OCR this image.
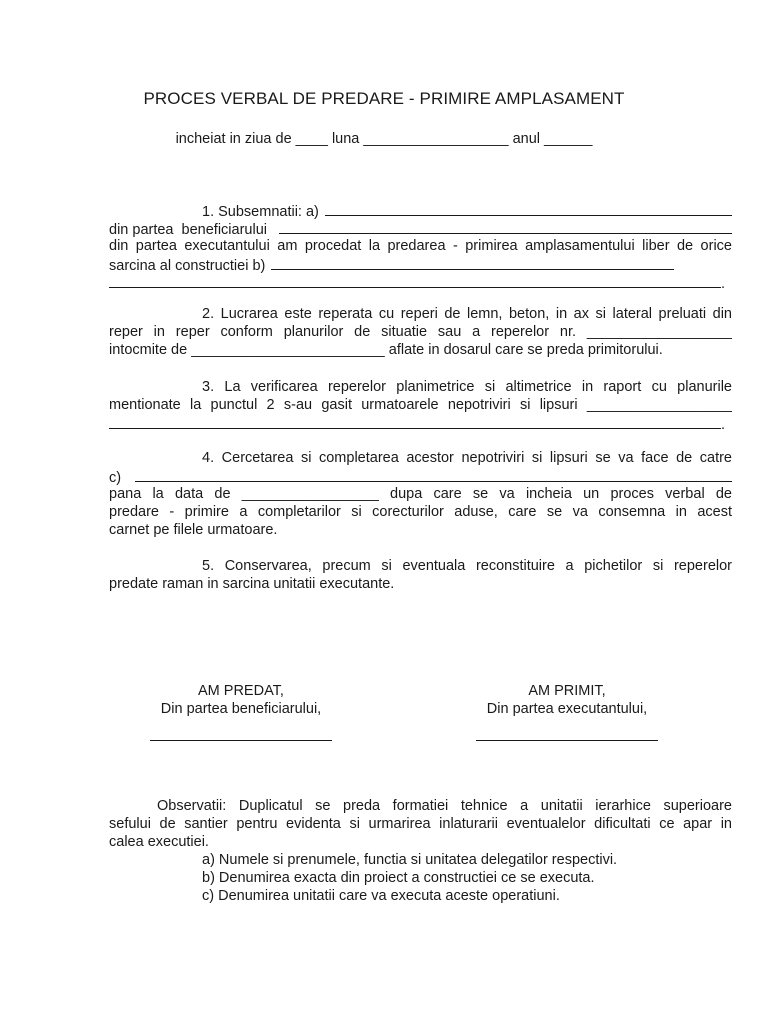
PROCES VERBAL DE PREDARE - PRIMIRE AMPLASAMENT
incheiat in ziua de ____ luna __________________ anul ______
1. Subsemnatii: a)
din partea  beneficiarului
din partea executantului am procedat la predarea - primirea amplasamentului liber de orice
sarcina al constructiei b)
.
2. Lucrarea este reperata cu reperi de lemn, beton, in ax si lateral preluati din
reper in reper conform planurilor de situatie sau a reperelor nr. __________________
intocmite de ________________________ aflate in dosarul care se preda primitorului.
3. La verificarea reperelor planimetrice si altimetrice in raport cu planurile
mentionate la punctul 2 s-au gasit urmatoarele nepotriviri si lipsuri __________________
.
4. Cercetarea si completarea acestor nepotriviri si lipsuri se va face de catre
c)
pana la data de _________________ dupa care se va incheia un proces verbal de
predare - primire a completarilor si corecturilor aduse, care se va consemna in acest
carnet pe filele urmatoare.
5. Conservarea, precum si eventuala reconstituire a pichetilor si reperelor
predate raman in sarcina unitatii executante.
AM PREDAT,
Din partea beneficiarului,
AM PRIMIT,
Din partea executantului,
Observatii: Duplicatul se preda formatiei tehnice a unitatii ierarhice superioare
sefului de santier pentru evidenta si urmarirea inlaturarii eventualelor dificultati ce apar in
calea executiei.
a) Numele si prenumele, functia si unitatea delegatilor respectivi.
b) Denumirea exacta din proiect a constructiei ce se executa.
c) Denumirea unitatii care va executa aceste operatiuni.
